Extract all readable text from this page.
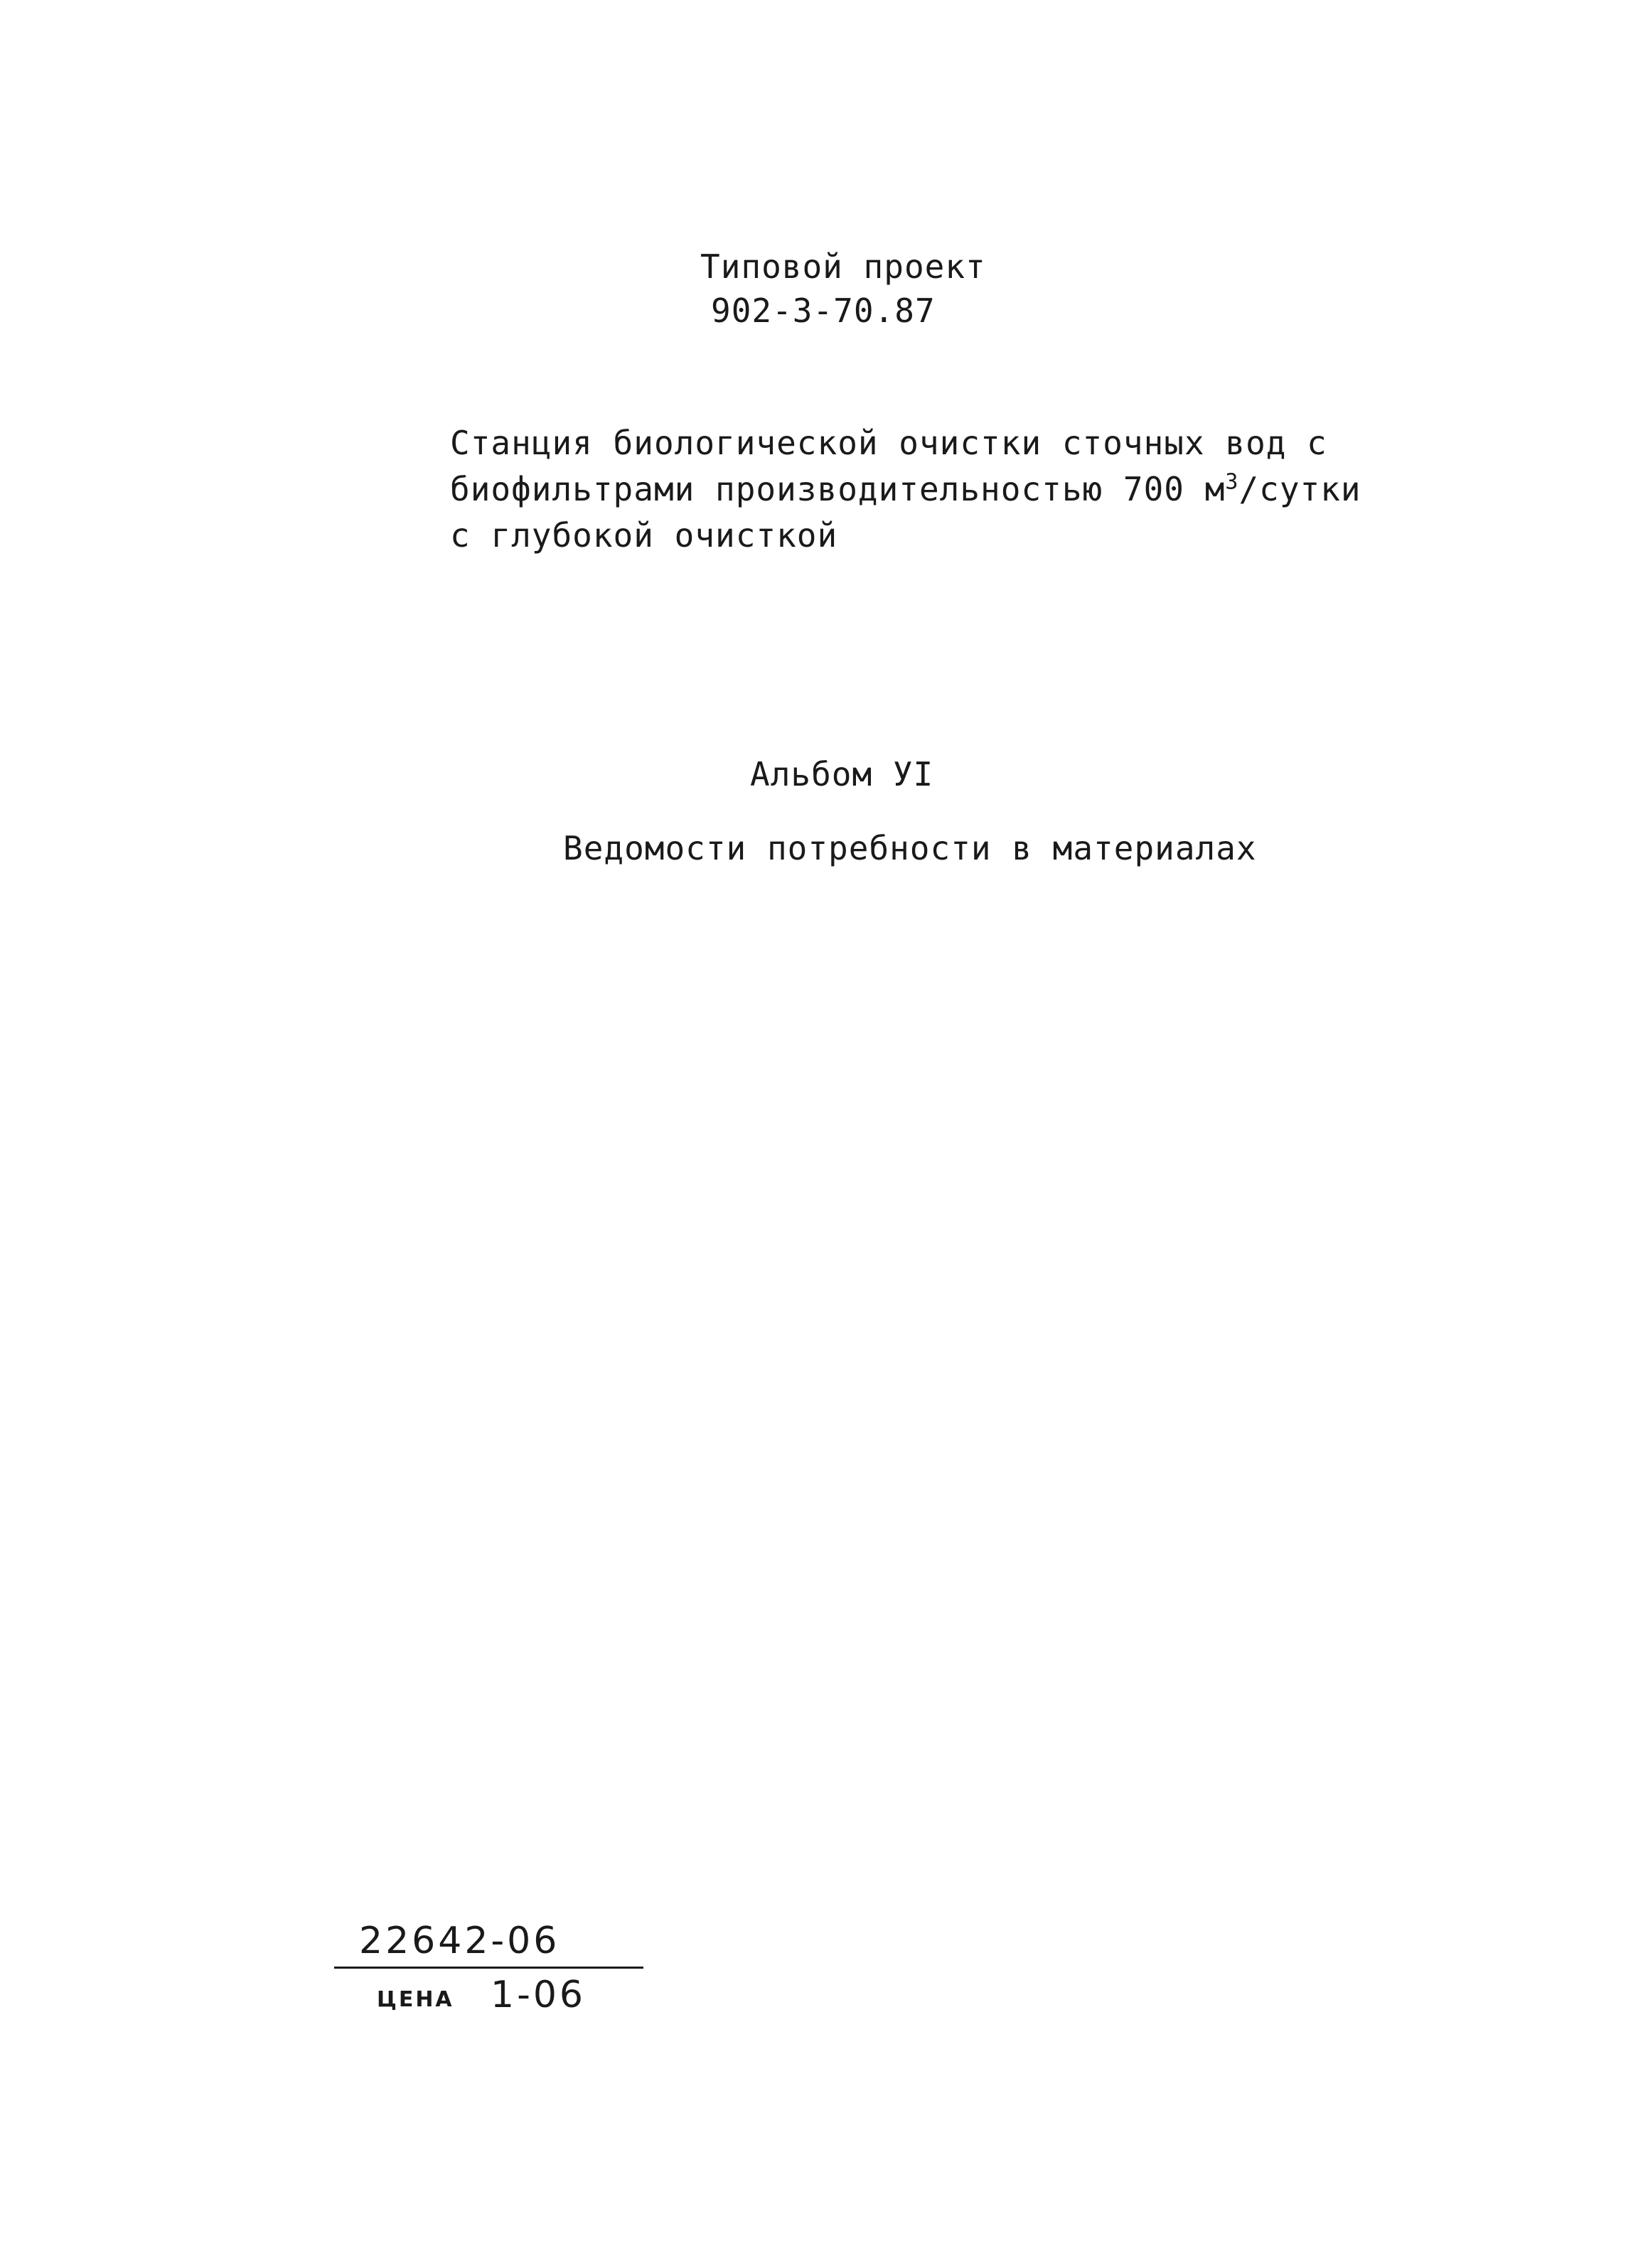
Типовой проект
902-3-70.87
Станция биологической очистки сточных вод с
биофильтрами производительностью 700 $м^3$/сутки
с глубокой очисткой
Альбом УI
Ведомости потребности в материалах
22642-06
ЦЕНА 1-06
